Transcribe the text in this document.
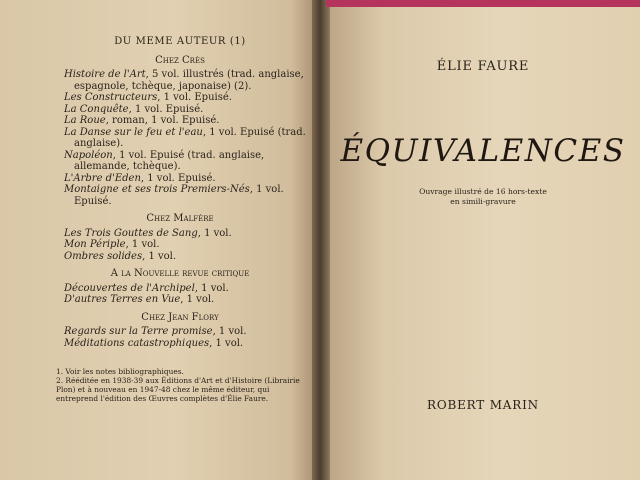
DU MEME AUTEUR (1)
Chez Crès
Histoire de l'Art, 5 vol. illustrés (trad. anglaise, espagnole, tchèque, japonaise) (2).
Les Constructeurs, 1 vol. Epuisé.
La Conquête, 1 vol. Epuisé.
La Roue, roman, 1 vol. Epuisé.
La Danse sur le feu et l'eau, 1 vol. Epuisé (trad. anglaise).
Napoléon, 1 vol. Epuisé (trad. anglaise, allemande, tchèque).
L'Arbre d'Eden, 1 vol. Epuisé.
Montaigne et ses trois Premiers-Nés, 1 vol. Epuisé.
Chez Malfère
Les Trois Gouttes de Sang, 1 vol.
Mon Périple, 1 vol.
Ombres solides, 1 vol.
A la Nouvelle revue critique
Découvertes de l'Archipel, 1 vol.
D'autres Terres en Vue, 1 vol.
Chez Jean Flory
Regards sur la Terre promise, 1 vol.
Méditations catastrophiques, 1 vol.
1. Voir les notes bibliographiques.
2. Rééditée en 1938-39 aux Éditions d'Art et d'Histoire (Librairie Plon) et à nouveau en 1947-48 chez le même éditeur, qui entreprend l'édition des Œuvres complètes d'Élie Faure.
ÉLIE FAURE
ÉQUIVALENCES
Ouvrage illustré de 16 hors-texte
en simili-gravure
ROBERT MARIN
